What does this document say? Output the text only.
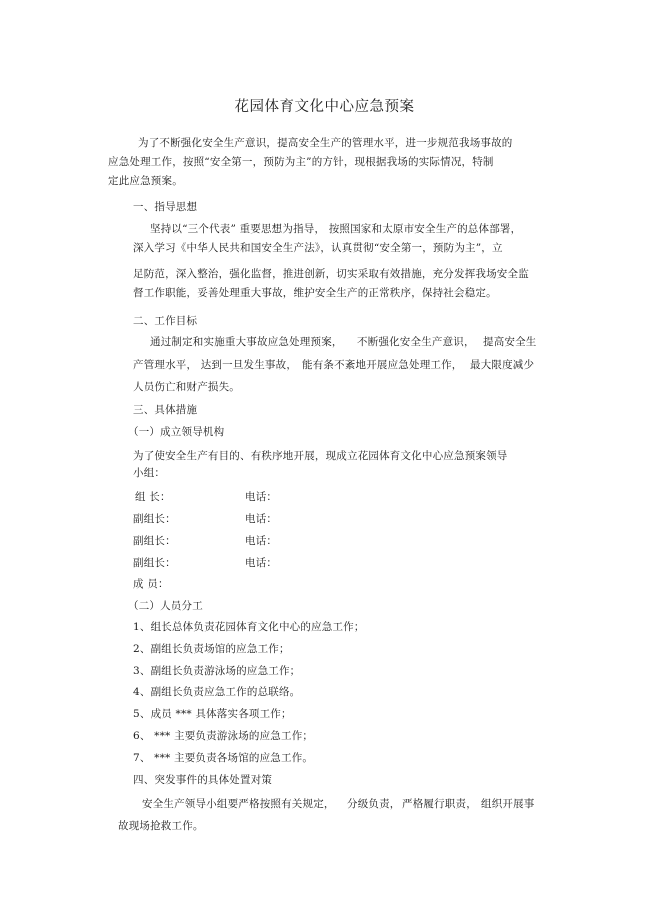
花园体育文化中心应急预案
为了不断强化安全生产意识，提高安全生产的管理水平，进一步规范我场事故的
应急处理工作，按照“安全第一，预防为主”的方针，现根据我场的实际情况，特制
定此应急预案。
一、指导思想
坚持以“三个代表” 重要思想为指导， 按照国家和太原市安全生产的总体部署，
深入学习《中华人民共和国安全生产法》，认真贯彻“安全第一，预防为主”，立
足防范，深入整治，强化监督，推进创新，切实采取有效措施，充分发挥我场安全监
督工作职能，妥善处理重大事故，维护安全生产的正常秩序，保持社会稳定。
二、工作目标
通过制定和实施重大事故应急处理预案， 不断强化安全生产意识， 提高安全生
产管理水平， 达到一旦发生事故， 能有条不紊地开展应急处理工作， 最大限度减少
人员伤亡和财产损失。
三、具体措施
（一）成立领导机构
为了使安全生产有目的、有秩序地开展，现成立花园体育文化中心应急预案领导
小组：
组 长：	电话：
副组长：	电话：
副组长：	电话：
副组长：	电话：
成 员：
（二）人员分工
1、组长总体负责花园体育文化中心的应急工作；
2、副组长负责场馆的应急工作；
3、副组长负责游泳场的应急工作；
4、副组长负责应急工作的总联络。
5、成员 *** 具体落实各项工作；
6、 *** 主要负责游泳场的应急工作；
7、 *** 主要负责各场馆的应急工作。
四、突发事件的具体处置对策
安全生产领导小组要严格按照有关规定， 分级负责， 严格履行职责， 组织开展事
故现场抢救工作。
